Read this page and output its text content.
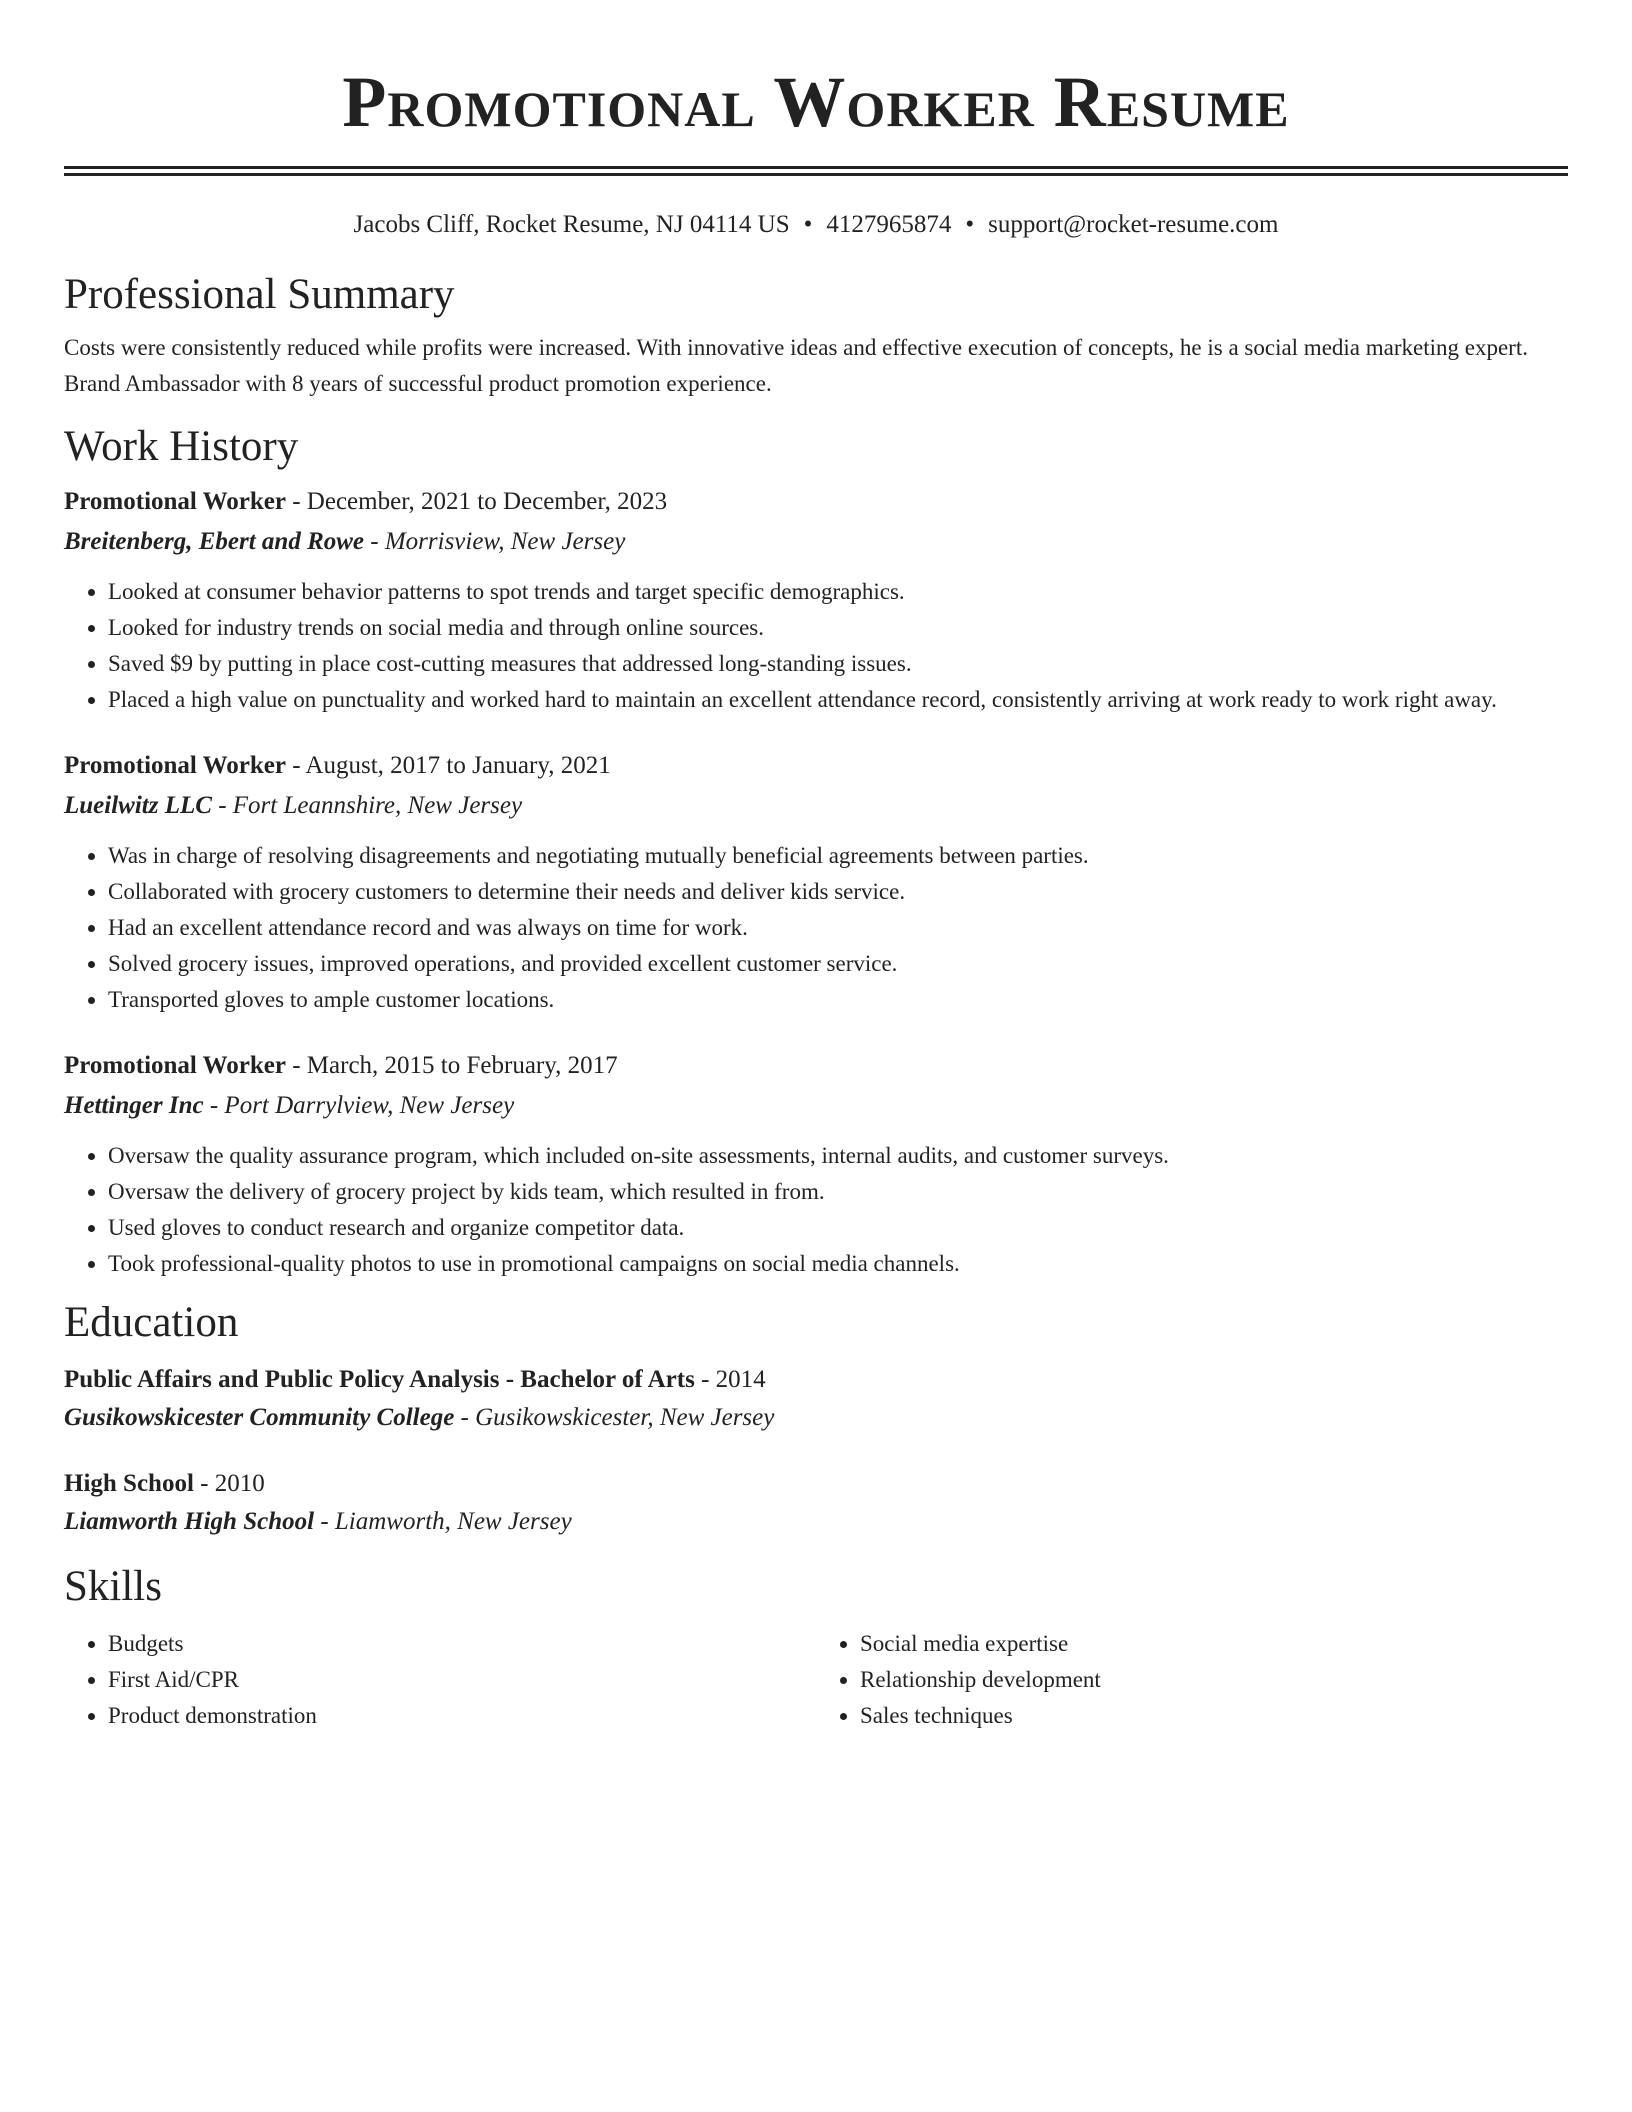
Promotional Worker Resume
Jacobs Cliff, Rocket Resume, NJ 04114 US • 4127965874 • support@rocket-resume.com
Professional Summary

Costs were consistently reduced while profits were increased. With innovative ideas and effective execution of concepts, he is a social media marketing expert. Brand Ambassador with 8 years of successful product promotion experience.

Work History
Promotional Worker - December, 2021 to December, 2023
Breitenberg, Ebert and Rowe - Morrisview, New Jersey
• Looked at consumer behavior patterns to spot trends and target specific demographics.
• Looked for industry trends on social media and through online sources.
• Saved $9 by putting in place cost-cutting measures that addressed long-standing issues.
• Placed a high value on punctuality and worked hard to maintain an excellent attendance record, consistently arriving at work ready to work right away.
Promotional Worker - August, 2017 to January, 2021
Lueilwitz LLC - Fort Leannshire, New Jersey
• Was in charge of resolving disagreements and negotiating mutually beneficial agreements between parties.
• Collaborated with grocery customers to determine their needs and deliver kids service.
• Had an excellent attendance record and was always on time for work.
• Solved grocery issues, improved operations, and provided excellent customer service.
• Transported gloves to ample customer locations.
Promotional Worker - March, 2015 to February, 2017
Hettinger Inc - Port Darrylview, New Jersey
• Oversaw the quality assurance program, which included on-site assessments, internal audits, and customer surveys.
• Oversaw the delivery of grocery project by kids team, which resulted in from.
• Used gloves to conduct research and organize competitor data.
• Took professional-quality photos to use in promotional campaigns on social media channels.
Education
Public Affairs and Public Policy Analysis - Bachelor of Arts - 2014
Gusikowskicester Community College - Gusikowskicester, New Jersey
High School - 2010
Liamworth High School - Liamworth, New Jersey
Skills
• Budgets
• First Aid/CPR
• Product demonstration
• Social media expertise
• Relationship development
• Sales techniques
